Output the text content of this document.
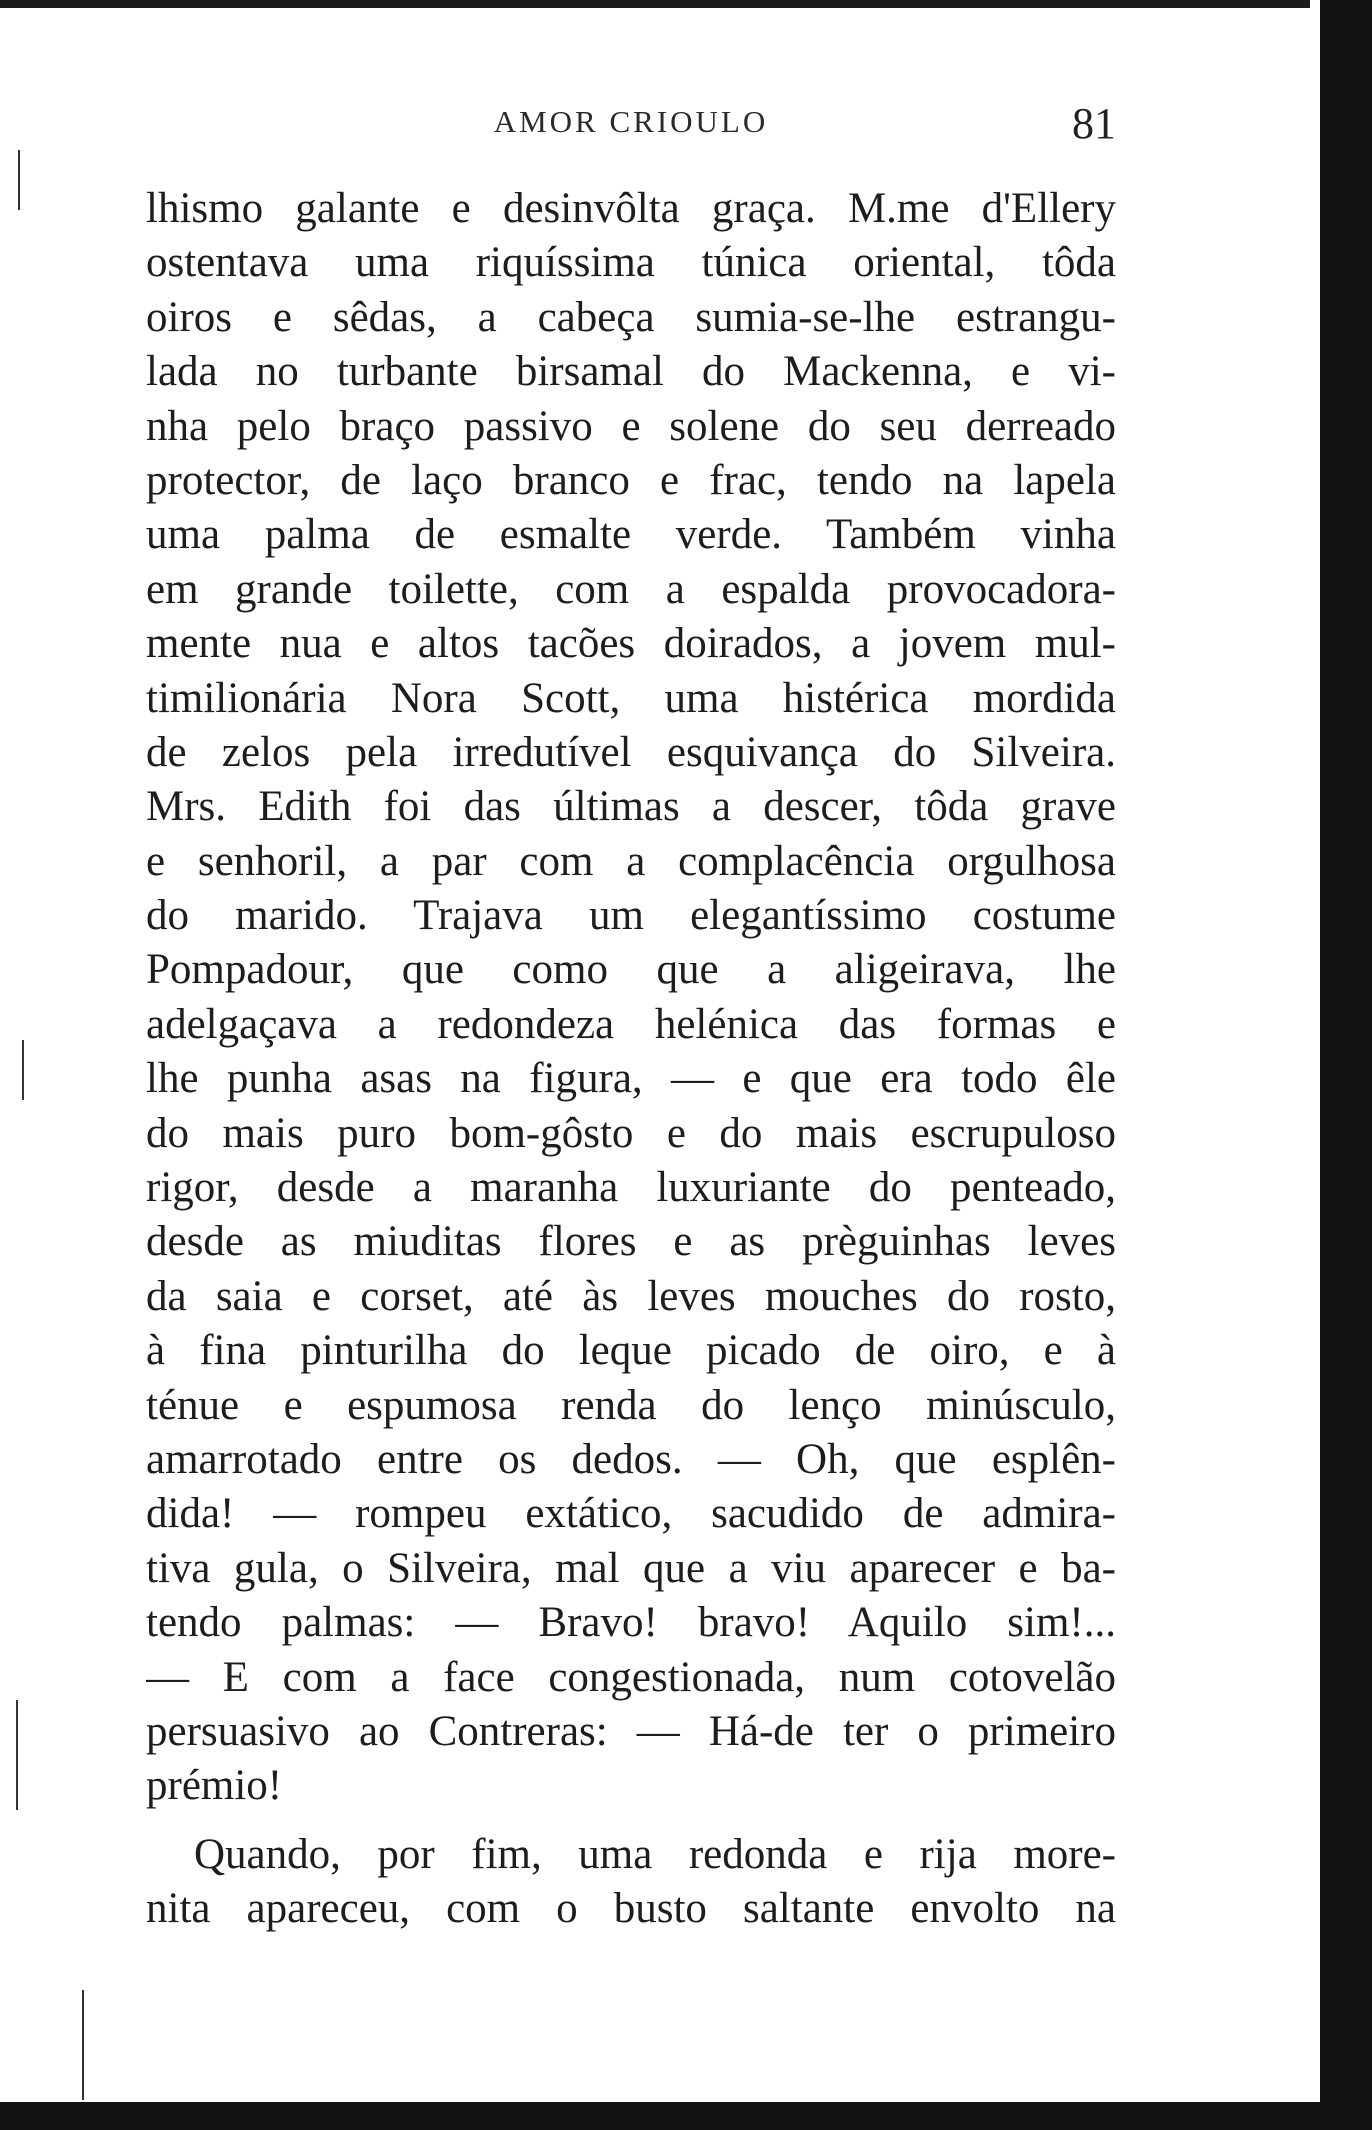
AMOR CRIOULO	81
lhismo galante e desinvôlta graça. M.me d'Ellery
ostentava uma riquíssima túnica oriental, tôda
oiros e sêdas, a cabeça sumia-se-lhe estrangu-
lada no turbante birsamal do Mackenna, e vi-
nha pelo braço passivo e solene do seu derreado
protector, de laço branco e frac, tendo na lapela
uma palma de esmalte verde. Também vinha
em grande toilette, com a espalda provocadora-
mente nua e altos tacões doirados, a jovem mul-
timilionária Nora Scott, uma histérica mordida
de zelos pela irredutível esquivança do Silveira.
Mrs. Edith foi das últimas a descer, tôda grave
e senhoril, a par com a complacência orgulhosa
do marido. Trajava um elegantíssimo costume
Pompadour, que como que a aligeirava, lhe
adelgaçava a redondeza helénica das formas e
lhe punha asas na figura, — e que era todo êle
do mais puro bom-gôsto e do mais escrupuloso
rigor, desde a maranha luxuriante do penteado,
desde as miuditas flores e as prèguinhas leves
da saia e corset, até às leves mouches do rosto,
à fina pinturilha do leque picado de oiro, e à
ténue e espumosa renda do lenço minúsculo,
amarrotado entre os dedos. — Oh, que esplên-
dida! — rompeu extático, sacudido de admira-
tiva gula, o Silveira, mal que a viu aparecer e ba-
tendo palmas: — Bravo! bravo! Aquilo sim!...
— E com a face congestionada, num cotovelão
persuasivo ao Contreras: — Há-de ter o primeiro
prémio!
Quando, por fim, uma redonda e rija more-
nita apareceu, com o busto saltante envolto na
